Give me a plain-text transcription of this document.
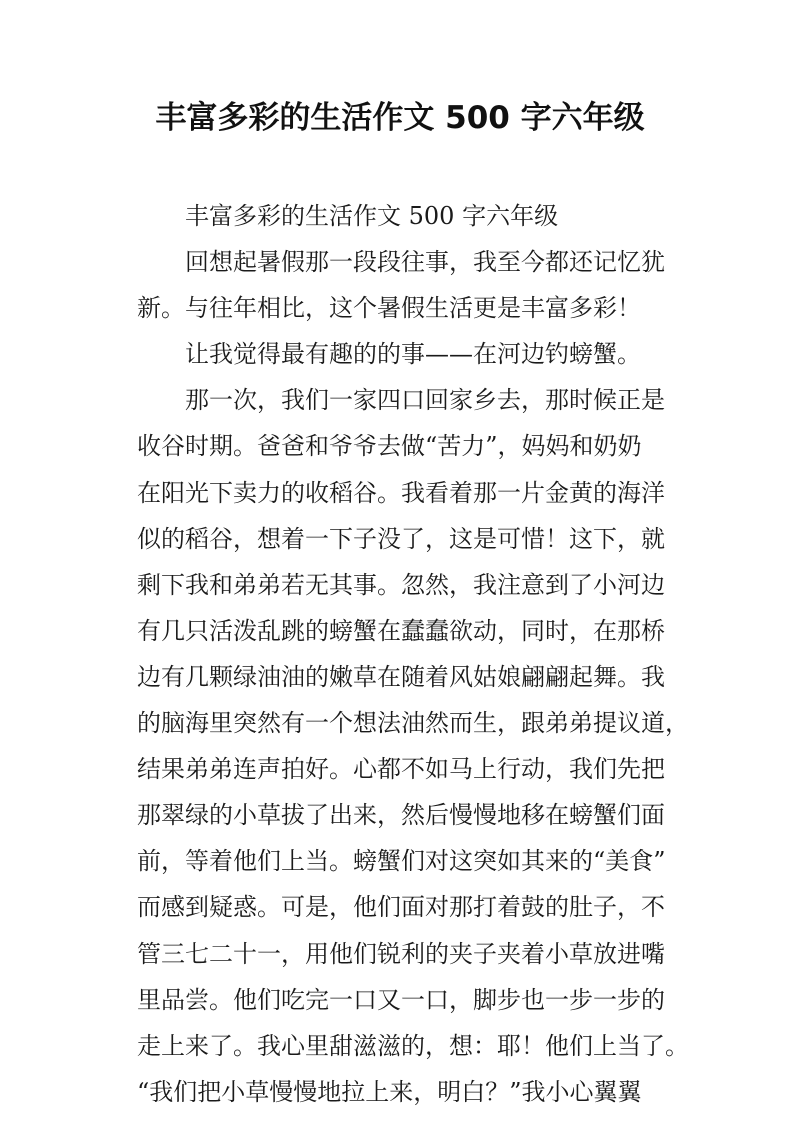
丰富多彩的生活作文 500 字六年级
丰富多彩的生活作文 500 字六年级
回想起暑假那一段段往事，我至今都还记忆犹
新。与往年相比，这个暑假生活更是丰富多彩！
让我觉得最有趣的的事——在河边钓螃蟹。
那一次，我们一家四口回家乡去，那时候正是
收谷时期。爸爸和爷爷去做“苦力”，妈妈和奶奶
在阳光下卖力的收稻谷。我看着那一片金黄的海洋
似的稻谷，想着一下子没了，这是可惜！这下，就
剩下我和弟弟若无其事。忽然，我注意到了小河边
有几只活泼乱跳的螃蟹在蠢蠢欲动，同时，在那桥
边有几颗绿油油的嫩草在随着风姑娘翩翩起舞。我
的脑海里突然有一个想法油然而生，跟弟弟提议道，
结果弟弟连声拍好。心都不如马上行动，我们先把
那翠绿的小草拔了出来，然后慢慢地移在螃蟹们面
前，等着他们上当。螃蟹们对这突如其来的“美食”
而感到疑惑。可是，他们面对那打着鼓的肚子，不
管三七二十一，用他们锐利的夹子夹着小草放进嘴
里品尝。他们吃完一口又一口，脚步也一步一步的
走上来了。我心里甜滋滋的，想：耶！他们上当了。
“我们把小草慢慢地拉上来，明白？”我小心翼翼
